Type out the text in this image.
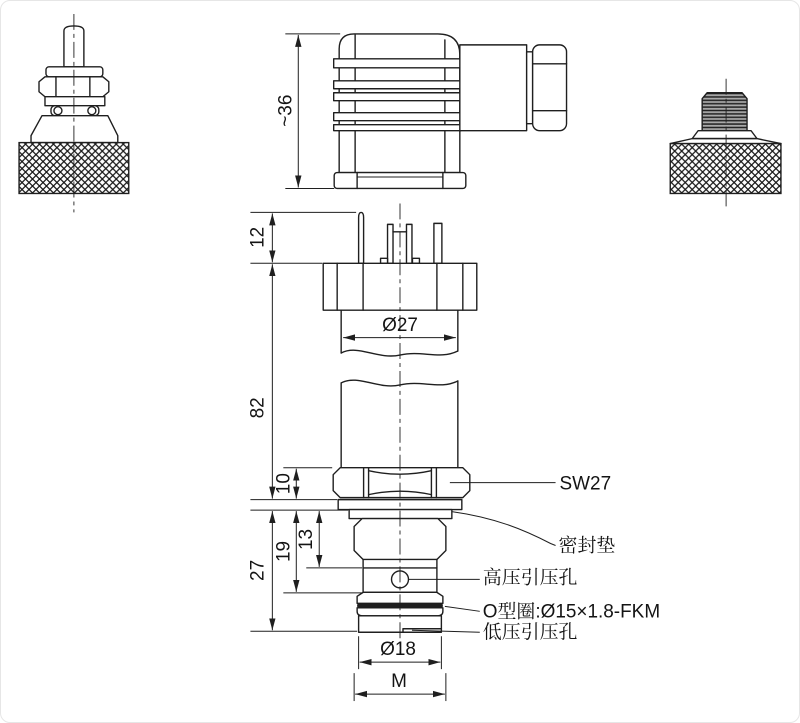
~36
12
82
10
27
19
13
Ø27
Ø18
M
SW27
密封垫
高压引压孔
O型圈:Ø15×1.8-FKM
低压引压孔
